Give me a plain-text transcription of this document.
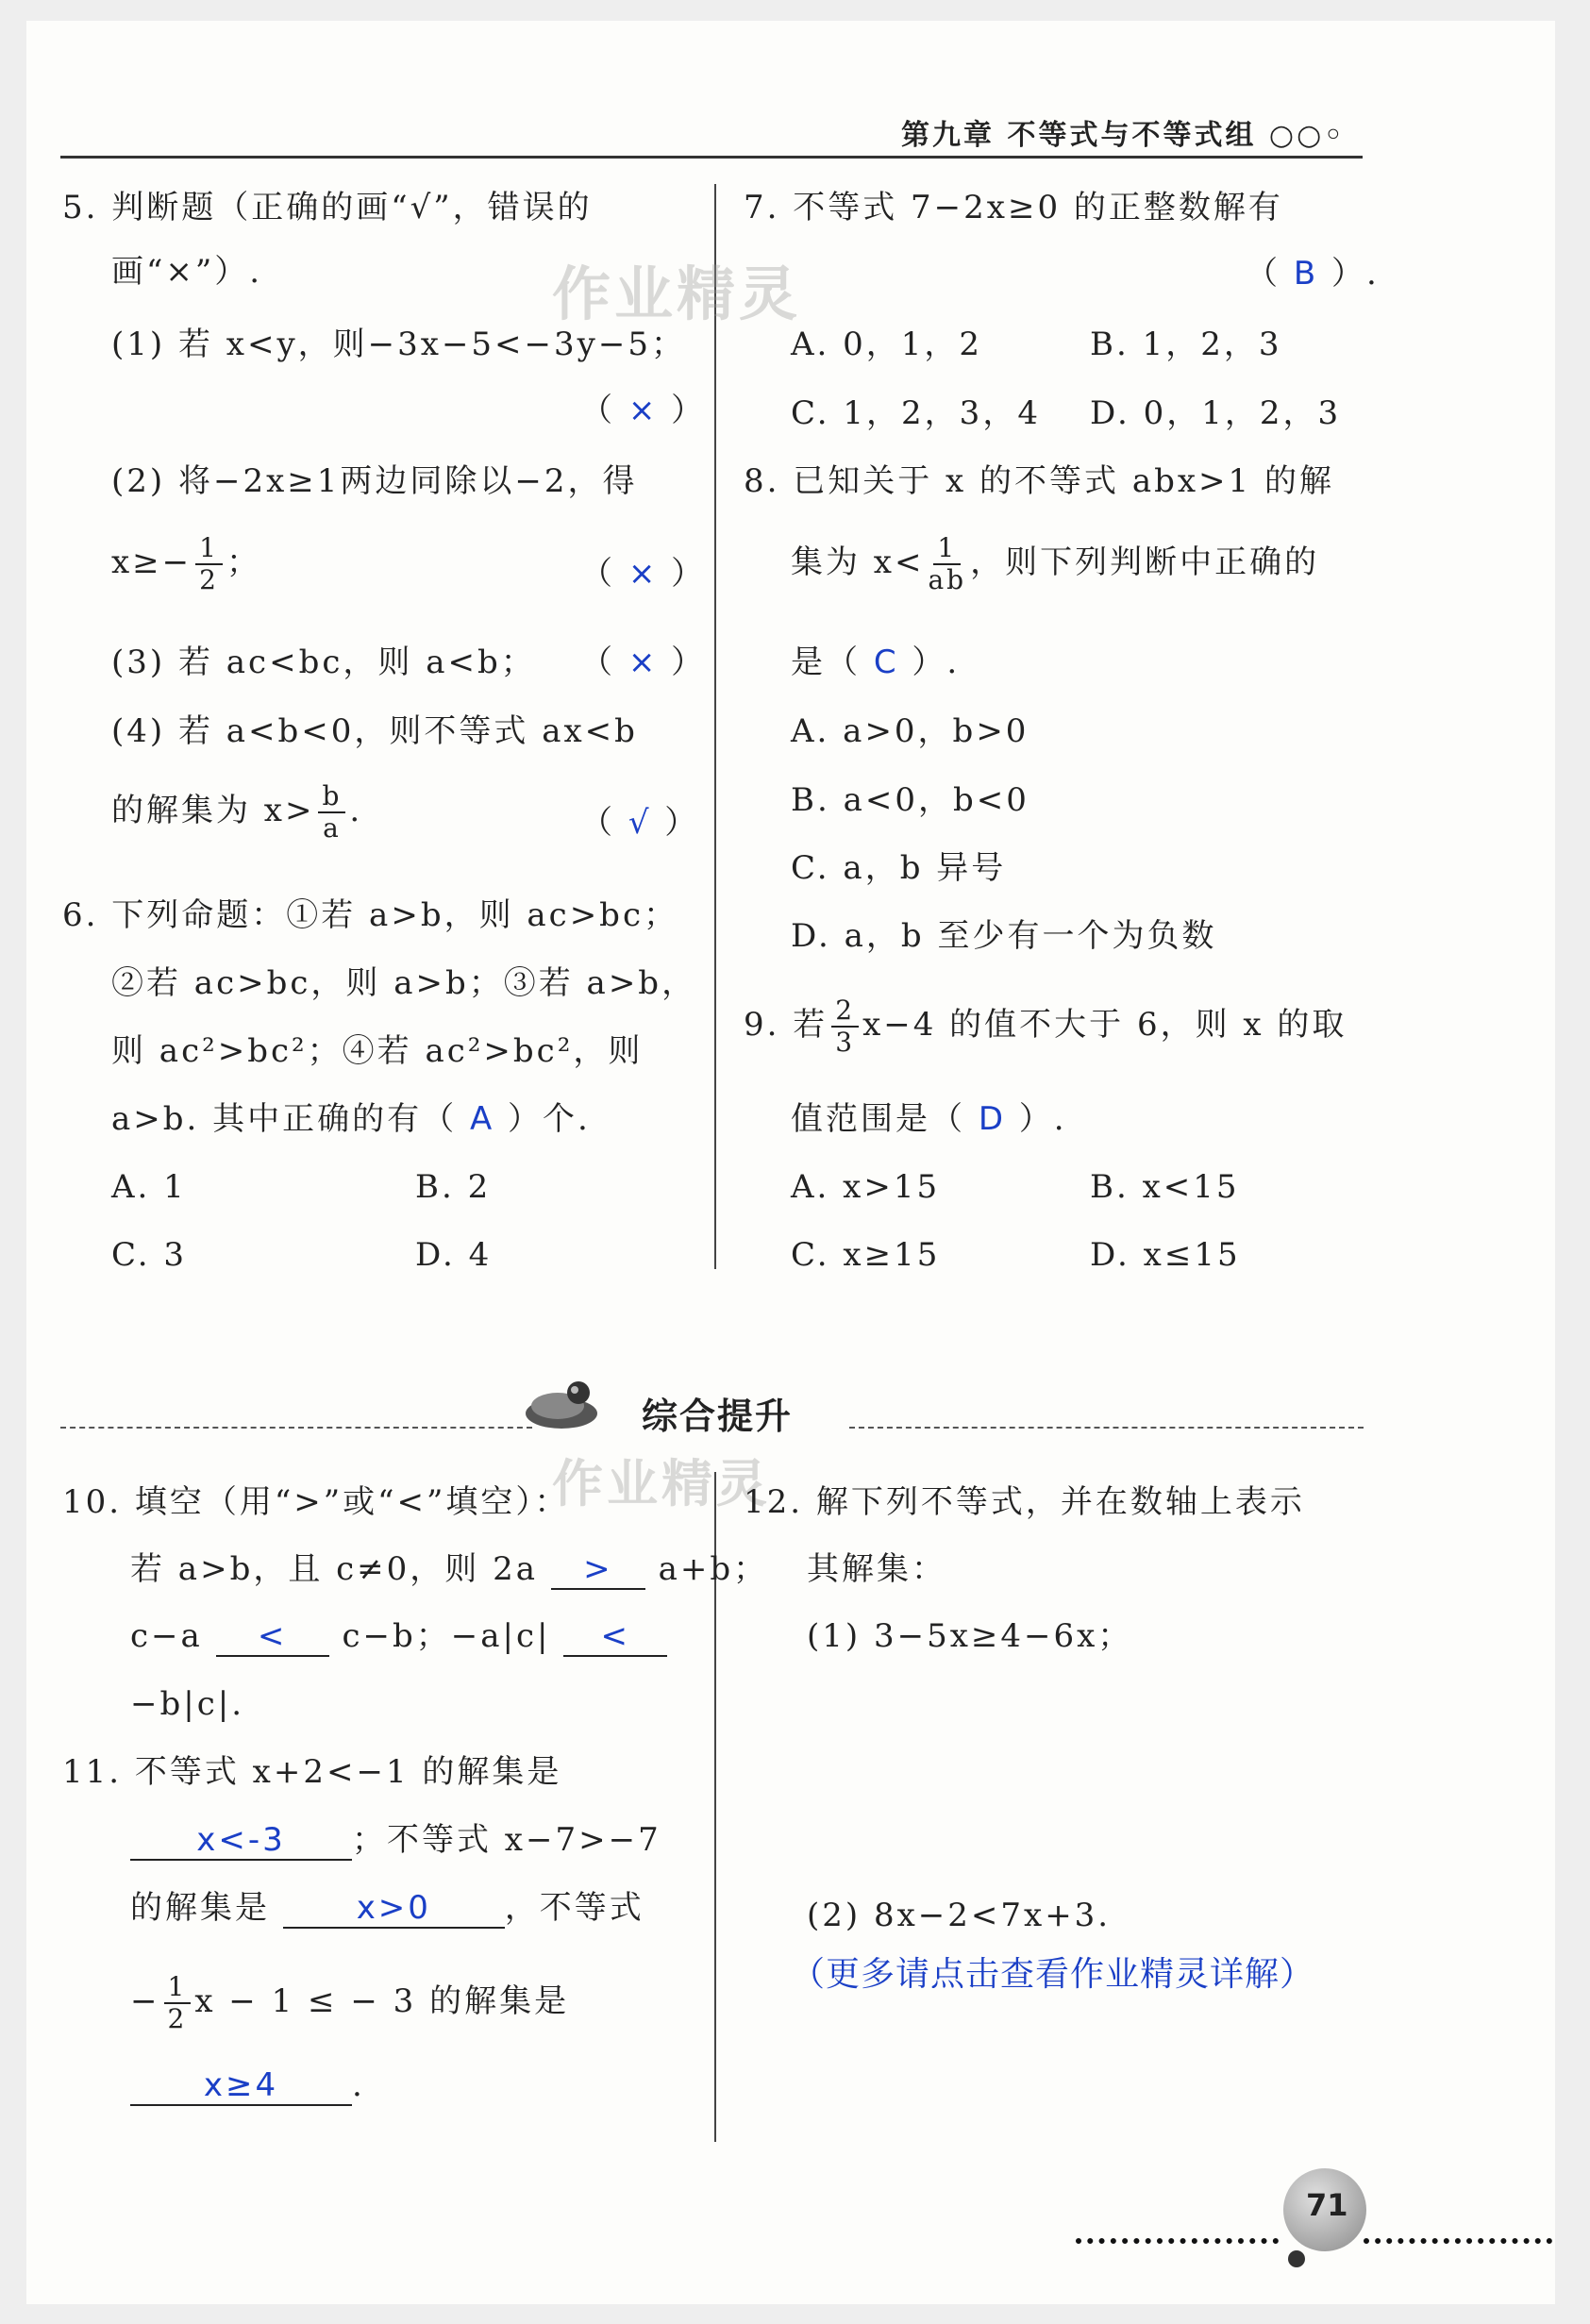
第九章 不等式与不等式组 ○○◦
作业精灵
作业精灵
5. 判断题（正确的画“√”，错误的
画“×”）.
(1) 若 x<y，则−3x−5<−3y−5；
（ × ）
(2) 将−2x≥1两边同除以−2，得
$x\ge- \frac{1}{2}$ ；	（ × ）
(3) 若 ac<bc，则 a<b； （ × ）
(4) 若 a<b<0，则不等式 ax<b
的解集为 $x> \frac{b}{a}$ .	（ √ ）
6. 下列命题：①若 a>b，则 ac>bc；
②若 ac>bc，则 a>b；③若 a>b，
则 ac²>bc²；④若 ac²>bc²，则
a>b. 其中正确的有（ A ）个.
A. 1	B. 2
C. 3	D. 4
7. 不等式 7−2x≥0 的正整数解有
（ B ）.
A. 0，1，2	B. 1，2，3
C. 1，2，3，4 D. 0，1，2，3
8. 已知关于 x 的不等式 abx>1 的解
集为 $x< \frac{1}{ab}$ ，则下列判断中正确的
是（ C ）.
A. a>0，b>0
B. a<0，b<0
C. a，b 异号
D. a，b 至少有一个为负数
9. 若 $\frac{2}{3} x-4$ 的值不大于 6，则 x 的取
值范围是（ D ）.
A. x>15	B. x<15
C. x≥15	D. x≤15
综合提升
10. 填空（用“>”或“<”填空）：
若 a>b，且 c≠0，则 2a > a+b；
c−a < c−b；−a|c| <
−b|c|.
11. 不等式 x+2<−1 的解集是
x<-3 ；不等式 x−7>−7
的解集是	x>0 ，不等式
− $\frac{1}{2}$ x − 1 ≤ − 3 的解集是
x≥4 .
12. 解下列不等式，并在数轴上表示
其解集：
(1) 3−5x≥4−6x；
(2) 8x−2<7x+3.
（更多请点击查看作业精灵详解）
71
